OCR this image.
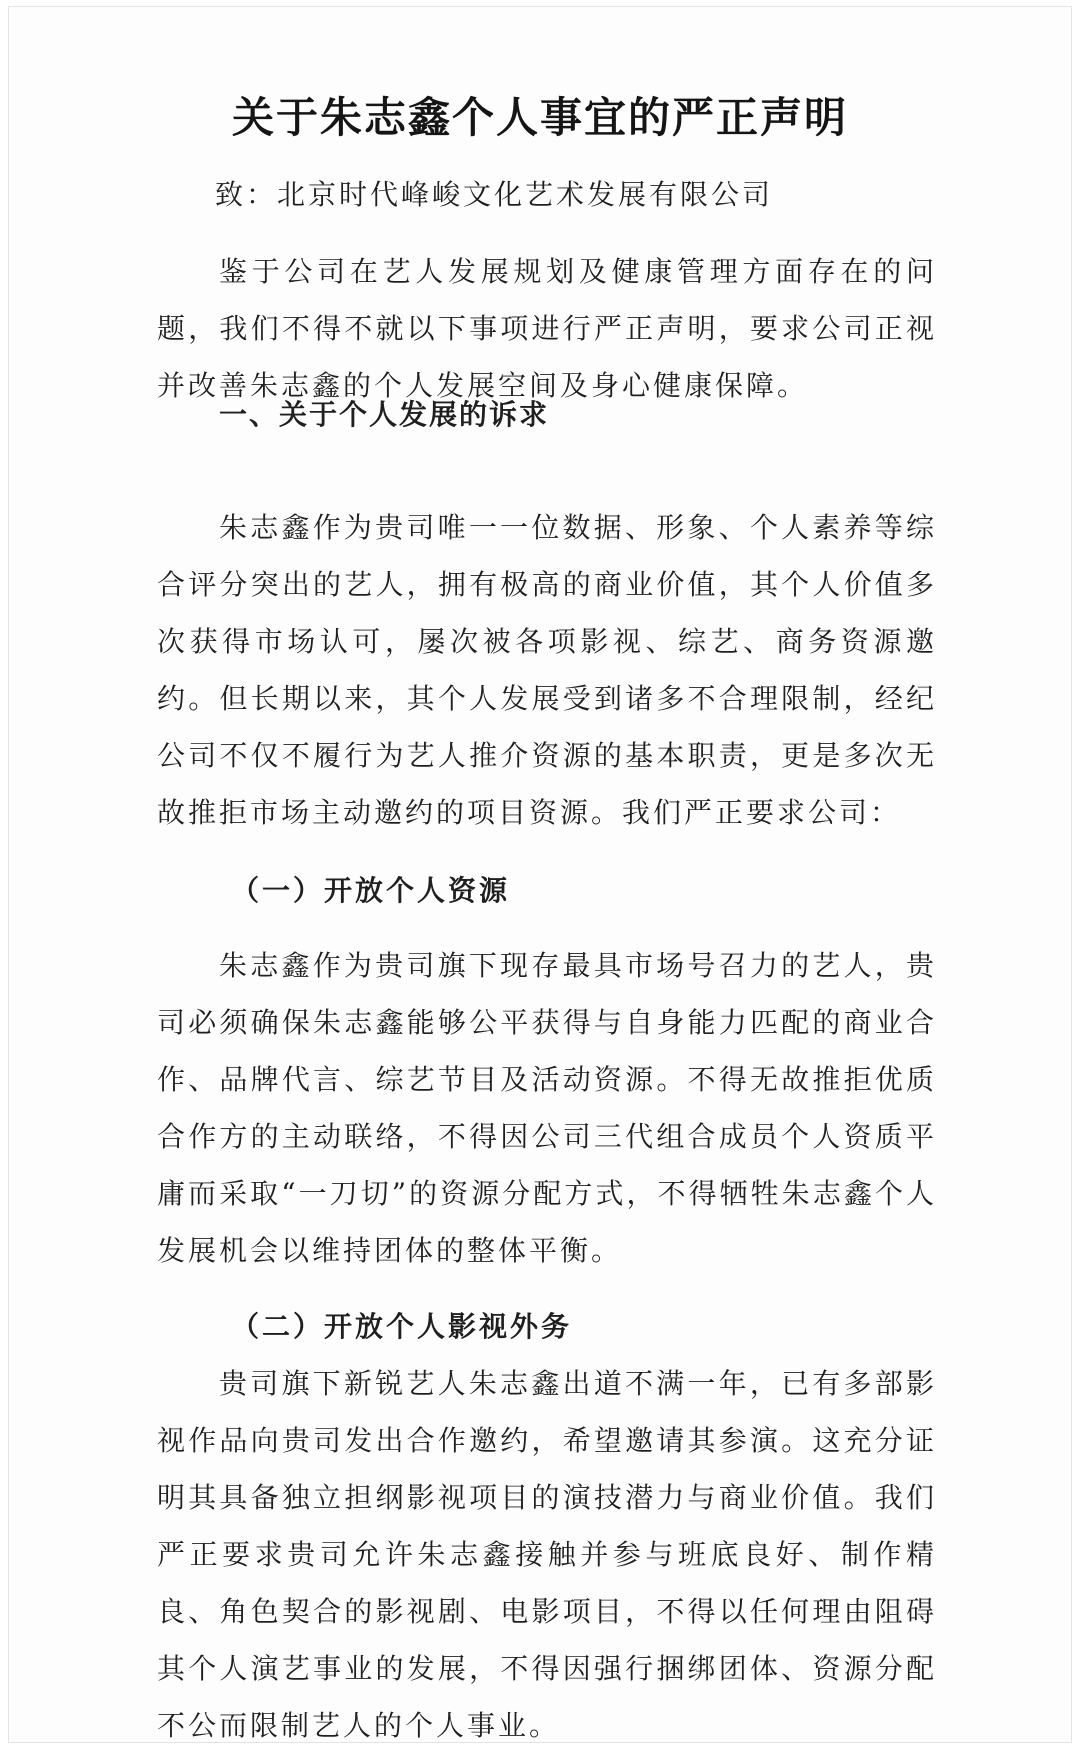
关于朱志鑫个人事宜的严正声明
致：北京时代峰峻文化艺术发展有限公司

鉴于公司在艺人发展规划及健康管理方面存在的问题，我们不得不就以下事项进行严正声明，要求公司正视并改善朱志鑫的个人发展空间及身心健康保障。

一、关于个人发展的诉求

朱志鑫作为贵司唯一一位数据、形象、个人素养等综合评分突出的艺人，拥有极高的商业价值，其个人价值多次获得市场认可，屡次被各项影视、综艺、商务资源邀约。但长期以来，其个人发展受到诸多不合理限制，经纪公司不仅不履行为艺人推介资源的基本职责，更是多次无故推拒市场主动邀约的项目资源。我们严正要求公司：

（一）开放个人资源

朱志鑫作为贵司旗下现存最具市场号召力的艺人，贵司必须确保朱志鑫能够公平获得与自身能力匹配的商业合作、品牌代言、综艺节目及活动资源。不得无故推拒优质合作方的主动联络，不得因公司三代组合成员个人资质平庸而采取“一刀切”的资源分配方式，不得牺牲朱志鑫个人发展机会以维持团体的整体平衡。

（二）开放个人影视外务

贵司旗下新锐艺人朱志鑫出道不满一年，已有多部影视作品向贵司发出合作邀约，希望邀请其参演。这充分证明其具备独立担纲影视项目的演技潜力与商业价值。我们严正要求贵司允许朱志鑫接触并参与班底良好、制作精良、角色契合的影视剧、电影项目，不得以任何理由阻碍其个人演艺事业的发展，不得因强行捆绑团体、资源分配不公而限制艺人的个人事业。
